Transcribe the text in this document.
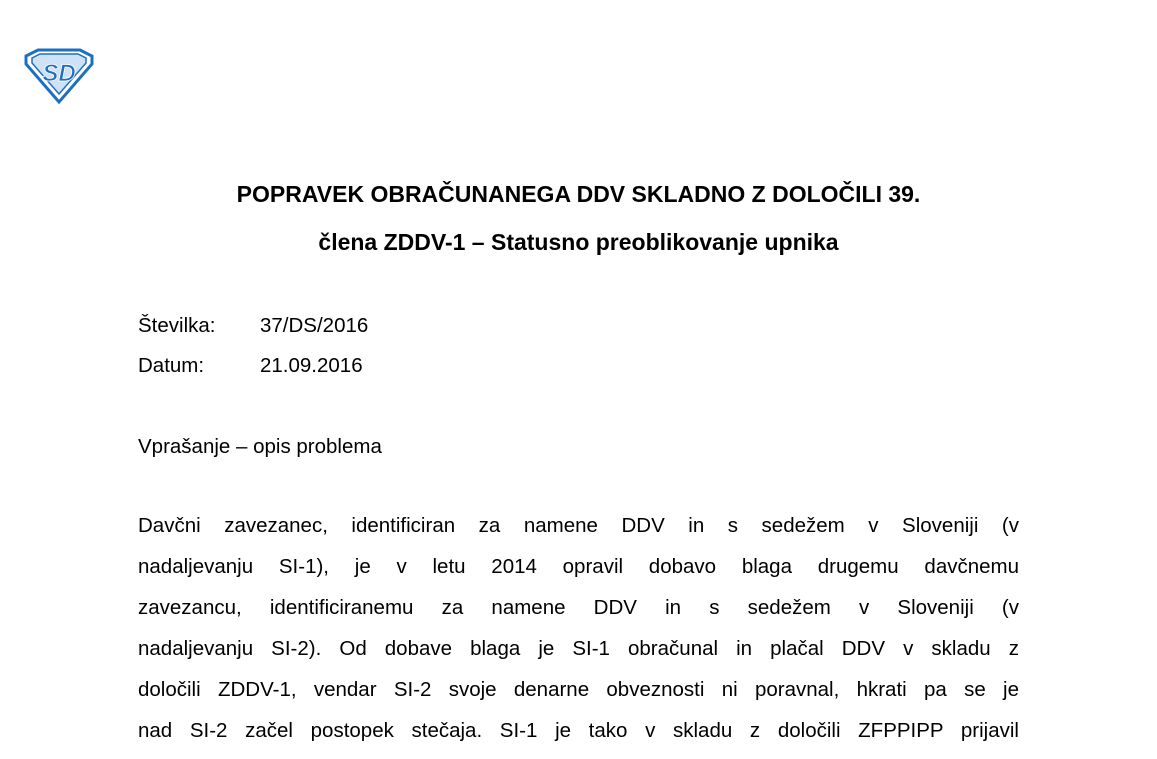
SD
POPRAVEK OBRAČUNANEGA DDV SKLADNO Z DOLOČILI 39.
člena ZDDV-1 – Statusno preoblikovanje upnika
Številka: 37/DS/2016
Datum:	21.09.2016
Vprašanje – opis problema
Davčni zavezanec, identificiran za namene DDV in s sedežem v Sloveniji (v
nadaljevanju SI-1), je v letu 2014 opravil dobavo blaga drugemu davčnemu
zavezancu, identificiranemu za namene DDV in s sedežem v Sloveniji (v
nadaljevanju SI-2). Od dobave blaga je SI-1 obračunal in plačal DDV v skladu z
določili ZDDV-1, vendar SI-2 svoje denarne obveznosti ni poravnal, hkrati pa se je
nad SI-2 začel postopek stečaja. SI-1 je tako v skladu z določili ZFPPIPP prijavil
